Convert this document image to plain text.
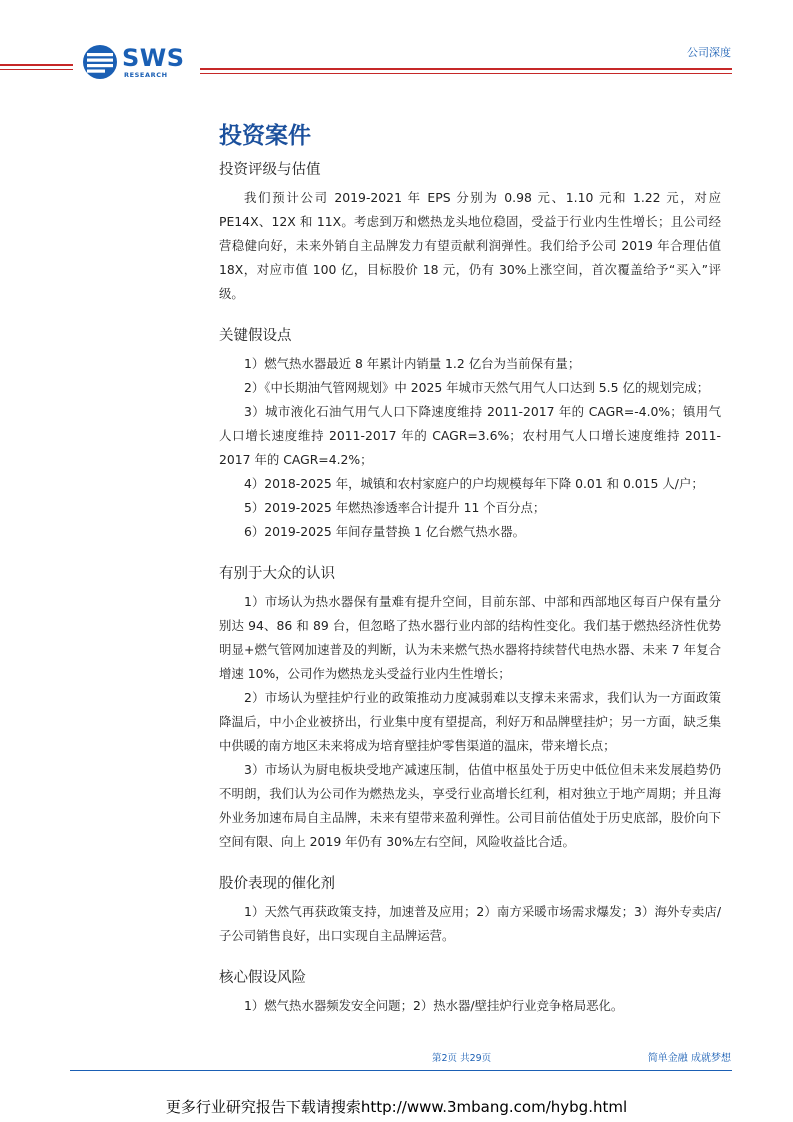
SWS
RESEARCH
公司深度
投资案件
投资评级与估值

我们预计公司 2019-2021 年 EPS 分别为 0.98 元、1.10 元和 1.22 元，对应 PE14X、12X 和 11X。考虑到万和燃热龙头地位稳固，受益于行业内生性增长；且公司经营稳健向好，未来外销自主品牌发力有望贡献利润弹性。我们给予公司 2019 年合理估值 18X，对应市值 100 亿，目标股价 18 元，仍有 30%上涨空间，首次覆盖给予“买入”评级。

关键假设点

1）燃气热水器最近 8 年累计内销量 1.2 亿台为当前保有量；

2）《中长期油气管网规划》中 2025 年城市天然气用气人口达到 5.5 亿的规划完成；

3）城市液化石油气用气人口下降速度维持 2011-2017 年的 CAGR=-4.0%；镇用气人口增长速度维持 2011-2017 年的 CAGR=3.6%；农村用气人口增长速度维持 2011-2017 年的 CAGR=4.2%；

4）2018-2025 年，城镇和农村家庭户的户均规模每年下降 0.01 和 0.015 人/户；

5）2019-2025 年燃热渗透率合计提升 11 个百分点；

6）2019-2025 年间存量替换 1 亿台燃气热水器。

有别于大众的认识

1）市场认为热水器保有量难有提升空间，目前东部、中部和西部地区每百户保有量分别达 94、86 和 89 台，但忽略了热水器行业内部的结构性变化。我们基于燃热经济性优势明显+燃气管网加速普及的判断，认为未来燃气热水器将持续替代电热水器、未来 7 年复合增速 10%，公司作为燃热龙头受益行业内生性增长；

2）市场认为壁挂炉行业的政策推动力度减弱难以支撑未来需求，我们认为一方面政策降温后，中小企业被挤出，行业集中度有望提高，利好万和品牌壁挂炉；另一方面，缺乏集中供暖的南方地区未来将成为培育壁挂炉零售渠道的温床，带来增长点；

3）市场认为厨电板块受地产减速压制，估值中枢虽处于历史中低位但未来发展趋势仍不明朗，我们认为公司作为燃热龙头，享受行业高增长红利，相对独立于地产周期；并且海外业务加速布局自主品牌，未来有望带来盈利弹性。公司目前估值处于历史底部，股价向下空间有限、向上 2019 年仍有 30%左右空间，风险收益比合适。

股价表现的催化剂

1）天然气再获政策支持，加速普及应用；2）南方采暖市场需求爆发；3）海外专卖店/子公司销售良好，出口实现自主品牌运营。

核心假设风险

1）燃气热水器频发安全问题；2）热水器/壁挂炉行业竞争格局恶化。

第2页 共29页	简单金融 成就梦想
更多行业研究报告下载请搜索http://www.3mbang.com/hybg.html
